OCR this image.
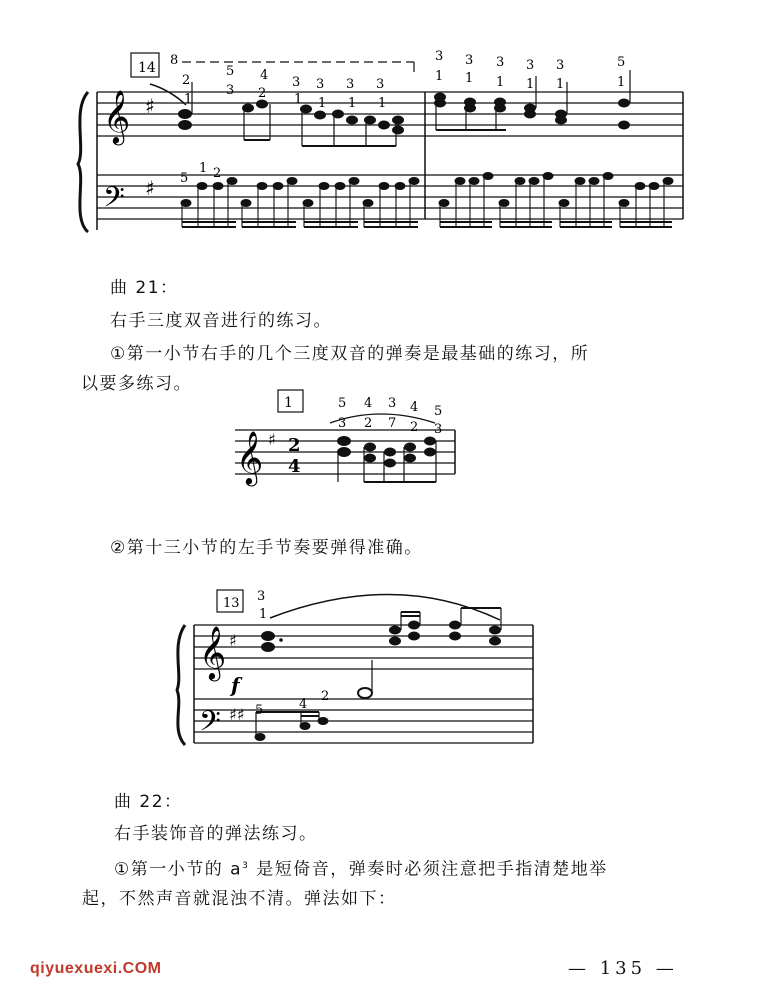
𝄞
𝄢
♯
♯
14 8
2
1
5
3
4
2
3
1
3
1
3
1
3
1
3
1
3
1
3
1
3
1
3
1
5
1
5
1 2
曲 21：
右手三度双音进行的练习。
①第一小节右手的几个三度双音的弹奏是最基础的练习，所
以要多练习。
𝄞 ♯
1
2
4
5 4 3 4 5
3 2 7 2 3
②第十三小节的左手节奏要弹得准确。
𝄞
𝄢
♯
♯♯
13 3
1
f
5	4
2
曲 22：
右手装饰音的弹法练习。
①第一小节的 $a^3$ 是短倚音，弹奏时必须注意把手指清楚地举
起，不然声音就混浊不清。弹法如下：
qiyuexuexi.COM	— 135 —
